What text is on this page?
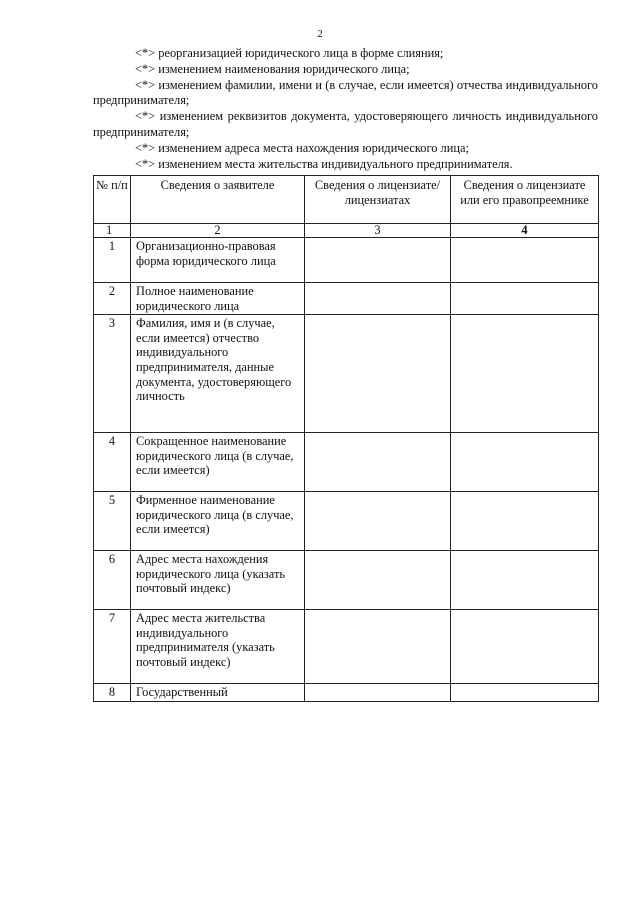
2

<*> реорганизацией юридического лица в форме слияния;

<*> изменением наименования юридического лица;

<*> изменением фамилии, имени и (в случае, если имеется) отчества индивидуального предпринимателя;

<*> изменением реквизитов документа, удостоверяющего личность индивидуального предпринимателя;

<*> изменением адреса места нахождения юридического лица;

<*> изменением места жительства индивидуального предпринимателя.

№ п/п	Сведения о заявителе	Сведения о лицензиате/ лицензиатах	Сведения о лицензиате или его правопреемнике
1	2	3	4
1	Организационно-правовая форма юридического лица		
2	Полное наименование юридического лица		
3	Фамилия, имя и (в случае, если имеется) отчество индивидуального предпринимателя, данные документа, удостоверяющего личность		
4	Сокращенное наименование юридического лица (в случае, если имеется)		
5	Фирменное наименование юридического лица (в случае, если имеется)		
6	Адрес места нахождения юридического лица (указать почтовый индекс)		
7	Адрес места жительства индивидуального предпринимателя (указать почтовый индекс)		
8	Государственный		
